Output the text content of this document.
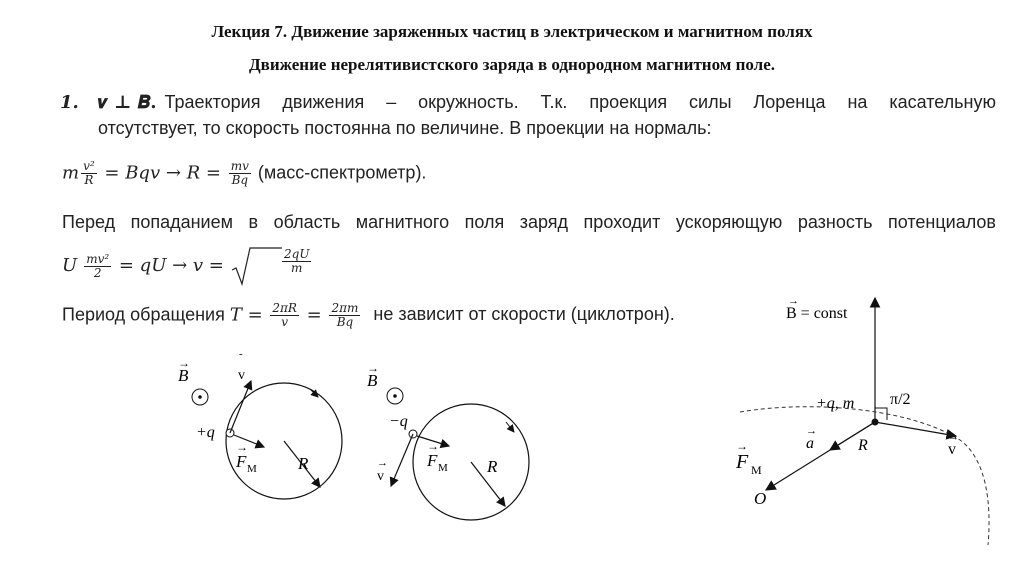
Лекция 7. Движение заряженных частиц в электрическом и магнитном полях
Движение нерелятивистского заряда в однородном магнитном поле.
1.	𝒗 ⊥ 𝑩. Траектория движения – окружность. Т.к. проекция силы Лоренца на касательную
отсутствует, то скорость постоянна по величине. В проекции на нормаль:
m $\frac{\text{v²}}{R}$ = Bqv → $R = \frac{mv}{Bq}$ (масс-спектрометр).
Перед попаданием в область магнитного поля заряд проходит ускоряющую разность потенциалов
U $\frac{\text{mv²}}{2}$ = qU → v =	$\frac{2qU}{m}$
Период обращения $T = \frac{2\pi R}{v} = \frac{2\pi m}{Bq}$ не зависит от скорости (циклотрон).
B
→
v
-
+q
F M
→
R
B
→
v
→
−q
F M
→
R
B = const
→
π/2
+q, m
v
→
a
→
R
F M
→
O
